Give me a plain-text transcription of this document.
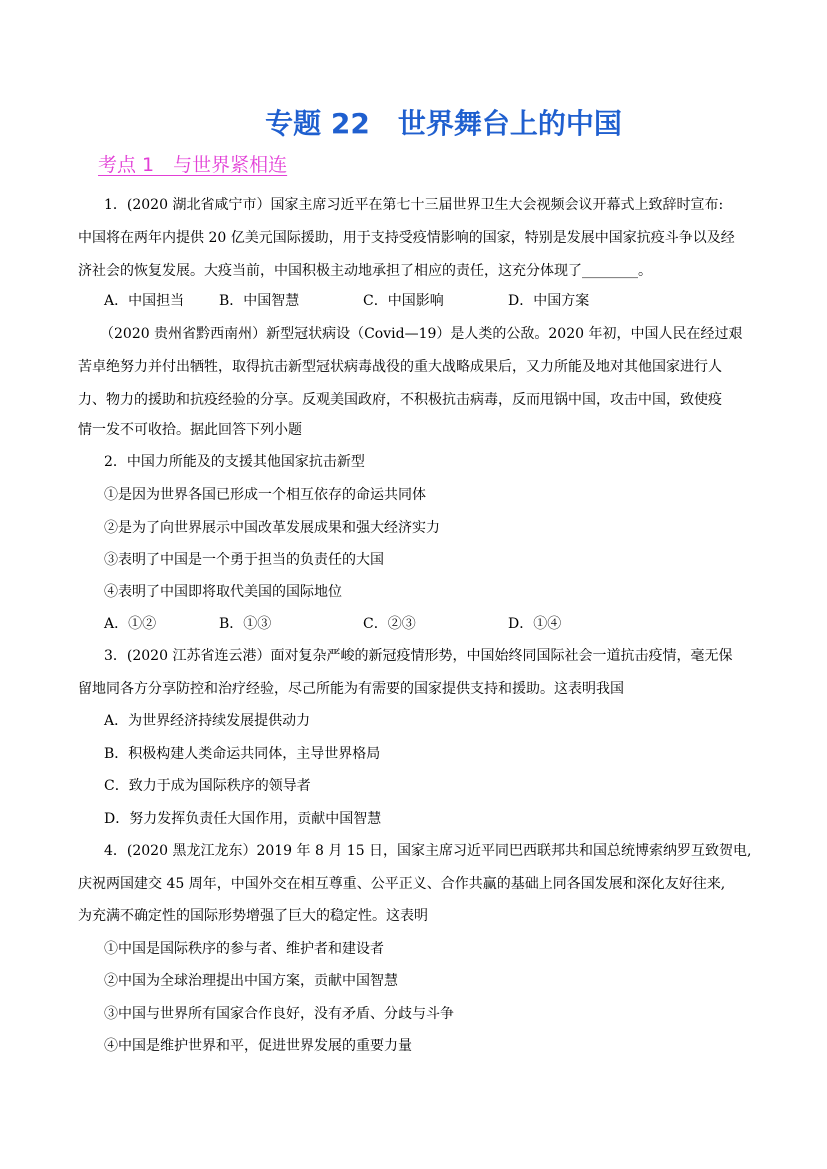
专题 22　世界舞台上的中国
考点 1　与世界紧相连
1．(2020 湖北省咸宁市）国家主席习近平在第七十三届世界卫生大会视频会议开幕式上致辞时宣布:
中国将在两年内提供 20 亿美元国际援助，用于支持受疫情影响的国家，特别是发展中国家抗疫斗争以及经
济社会的恢复发展。大疫当前，中国积极主动地承担了相应的责任，这充分体现了________。
A．中国担当 B．中国智慧	C．中国影响	D．中国方案
（2020 贵州省黔西南州）新型冠状病设（Covid—19）是人类的公敌。2020 年初，中国人民在经过艰
苦卓绝努力并付出牺牲，取得抗击新型冠状病毒战役的重大战略成果后，又力所能及地对其他国家进行人
力、物力的援助和抗疫经验的分享。反观美国政府，不积极抗击病毒，反而甩锅中国，攻击中国，致使疫
情一发不可收拾。据此回答下列小题
2．中国力所能及的支援其他国家抗击新型
①是因为世界各国已形成一个相互依存的命运共同体
②是为了向世界展示中国改革发展成果和强大经济实力
③表明了中国是一个勇于担当的负责任的大国
④表明了中国即将取代美国的国际地位
A．①②	B．①③	C．②③	D．①④
3．(2020 江苏省连云港）面对复杂严峻的新冠疫情形势，中国始终同国际社会一道抗击疫情，毫无保
留地同各方分享防控和治疗经验，尽己所能为有需要的国家提供支持和援助。这表明我国
A．为世界经济持续发展提供动力
B．积极构建人类命运共同体，主导世界格局
C．致力于成为国际秩序的领导者
D．努力发挥负责任大国作用，贡献中国智慧
4．(2020 黑龙江龙东）2019 年 8 月 15 日，国家主席习近平同巴西联邦共和国总统博索纳罗互致贺电,
庆祝两国建交 45 周年，中国外交在相互尊重、公平正义、合作共赢的基础上同各国发展和深化友好往来,
为充满不确定性的国际形势增强了巨大的稳定性。这表明
①中国是国际秩序的参与者、维护者和建设者
②中国为全球治理提出中国方案，贡献中国智慧
③中国与世界所有国家合作良好，没有矛盾、分歧与斗争
④中国是维护世界和平，促进世界发展的重要力量
